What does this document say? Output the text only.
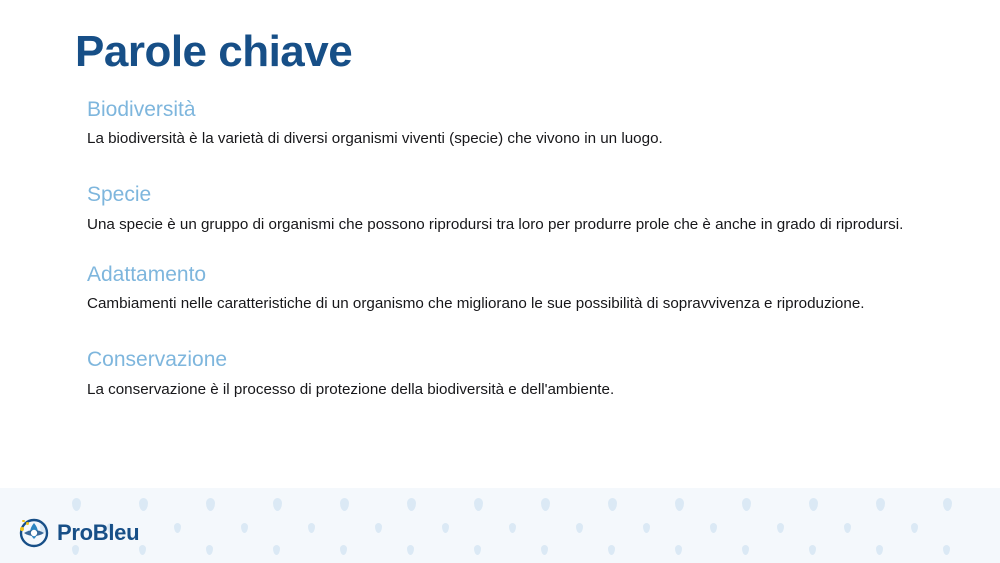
Parole chiave
Biodiversità
La biodiversità è la varietà di diversi organismi viventi (specie) che vivono in un luogo.
Specie
Una specie è un gruppo di organismi che possono riprodursi tra loro per produrre prole che è anche in grado di riprodursi.
Adattamento
Cambiamenti nelle caratteristiche di un organismo che migliorano le sue possibilità di sopravvivenza e riproduzione.
Conservazione
La conservazione è il processo di protezione della biodiversità e dell'ambiente.
ProBleu
